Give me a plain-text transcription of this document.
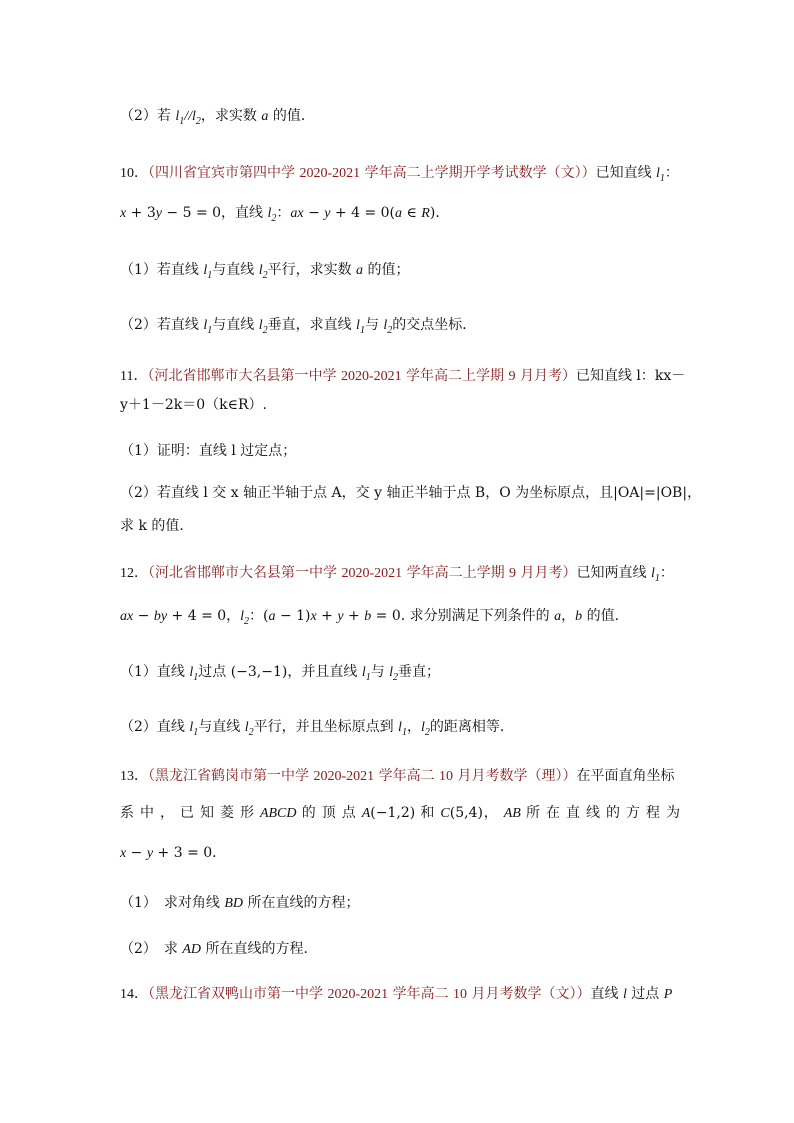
（2）若 $l_1//l_2$，求实数 a 的值．
10．（四川省宜宾市第四中学 2020-2021 学年高二上学期开学考试数学（文））已知直线 $l_1$：
x + 3y − 5 = 0，直线 $l_2$：ax − y + 4 = 0(a ∈ R)．
（1）若直线 $l_1$与直线 $l_2$平行，求实数 a 的值；
（2）若直线 $l_1$与直线 $l_2$垂直，求直线 $l_1$与 $l_2$的交点坐标．
11．（河北省邯郸市大名县第一中学 2020-2021 学年高二上学期 9 月月考）已知直线 l：kx－
y＋1－2k＝0（k∈R）.
（1）证明：直线 l 过定点；
（2）若直线 l 交 x 轴正半轴于点 A，交 y 轴正半轴于点 B，O 为坐标原点，且|OA|=|OB|，
求 k 的值.
12．（河北省邯郸市大名县第一中学 2020-2021 学年高二上学期 9 月月考）已知两直线 $l_1$：
ax − by + 4 = 0，$l_2$：(a − 1)x + y + b = 0. 求分别满足下列条件的 a，b 的值．
（1）直线 $l_1$过点 (−3,−1)，并且直线 $l_1$与 $l_2$垂直；
（2）直线 $l_1$与直线 $l_2$平行，并且坐标原点到 $l_1$，$l_2$的距离相等．
13．（黑龙江省鹤岗市第一中学 2020-2021 学年高二 10 月月考数学（理））在平面直角坐标
系 中 ， 已 知 菱 形 ABCD 的 顶 点 A(−1,2) 和 C(5,4)， AB 所 在 直 线 的 方 程 为
x − y + 3 = 0．
（1）　求对角线 BD 所在直线的方程；
（2）　求 AD 所在直线的方程．
14．（黑龙江省双鸭山市第一中学 2020-2021 学年高二 10 月月考数学（文））直线 l 过点 P
